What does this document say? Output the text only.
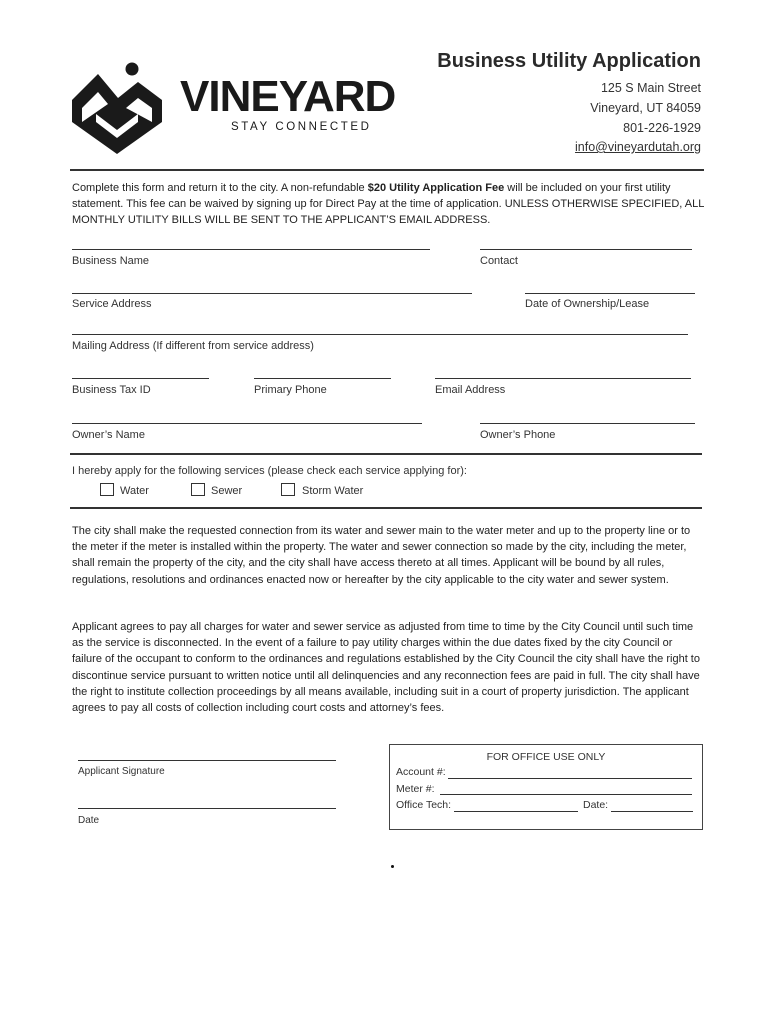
VINEYARD
STAY CONNECTED
Business Utility Application
125 S Main Street
Vineyard, UT 84059
801-226-1929
info@vineyardutah.org
Complete this form and return it to the city. A non-refundable $20 Utility Application Fee will be included on your first utility statement. This fee can be waived by signing up for Direct Pay at the time of application. UNLESS OTHERWISE SPECIFIED, ALL MONTHLY UTILITY BILLS WILL BE SENT TO THE APPLICANT’S EMAIL ADDRESS.
Business Name	Contact
Service Address	Date of Ownership/Lease
Mailing Address (If different from service address)
Business Tax ID	Primary Phone	Email Address
Owner’s Name	Owner’s Phone
I hereby apply for the following services (please check each service applying for):
Water	Sewer	Storm Water
The city shall make the requested connection from its water and sewer main to the water meter and up to the property line or to the meter if the meter is installed within the property. The water and sewer connection so made by the city, including the meter, shall remain the property of the city, and the city shall have access thereto at all times. Applicant will be bound by all rules, regulations, resolutions and ordinances enacted now or hereafter by the city applicable to the city water and sewer system.
Applicant agrees to pay all charges for water and sewer service as adjusted from time to time by the City Council until such time as the service is disconnected. In the event of a failure to pay utility charges within the due dates fixed by the city Council or failure of the occupant to conform to the ordinances and regulations established by the City Council the city shall have the right to discontinue service pursuant to written notice until all delinquencies and any reconnection fees are paid in full. The city shall have the right to institute collection proceedings by all means available, including suit in a court of property jurisdiction. The applicant agrees to pay all costs of collection including court costs and attorney’s fees.
Applicant Signature
Date
FOR OFFICE USE ONLY
Account #:
Meter #:
Office Tech:	Date:
